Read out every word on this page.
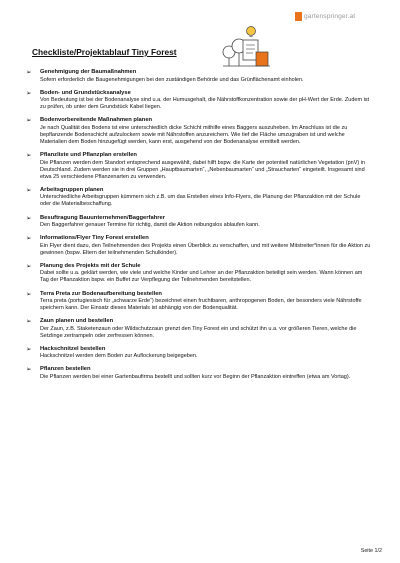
gartenspringer.at
Checkliste/Projektablauf Tiny Forest
➢ Genehmigung der Baumaßnahmen
Sofern erforderlich die Baugenehmigungen bei den zuständigen Behörde und das Grünflächenamt einholen.
➢ Boden- und Grundstücksanalyse
Von Bedeutung ist bei der Bodenanalyse sind u.a. der Humusgehalt, die Nährstoffkonzentration sowie der pH-Wert der Erde. Zudem ist zu prüfen, ob unter dem Grundstück Kabel liegen.
➢ Bodenvorbereitende Maßnahmen planen
Je nach Qualität des Bodens ist eine unterschiedlich dicke Schicht mithilfe eines Baggers auszuheben. Im Anschluss ist die zu bepflanzende Bodenschicht aufzulockern sowie mit Nährstoffen anzureichern. Wie tief die Fläche umzugraben ist und welche Materialien dem Boden hinzugefügt werden, kann erst, ausgehend von der Bodenanalyse ermittelt werden.
➢ Pflanzliste und Pflanzplan erstellen
Die Pflanzen werden dem Standort entsprechend ausgewählt, dabei hilft bspw. die Karte der potentiell natürlichen Vegetation (pnV) in Deutschland. Zudem werden sie in drei Gruppen „Hauptbaumarten“, „Nebenbaumarten“ und „Straucharten“ eingeteilt. Insgesamt sind etwa 25 verschiedene Pflanzenarten zu verwenden.
➢ Arbeitsgruppen planen
Unterschiedliche Arbeitsgruppen kümmern sich z.B. um das Erstellen eines Info-Flyers, die Planung der Pflanzaktion mit der Schule oder die Materialbeschaffung.
➢ Besuftragung Bauunternehmen/Baggerfahrer
Den Baggerfahrer genauer Termine für richtig, damit die Aktion reibungslos ablaufen kann.
➢ Informations/Flyer Tiny Forest erstellen
Ein Flyer dient dazu, den Teilnehmenden des Projekts einen Überblick zu verschaffen, und mit weitere Mitstreiter*innen für die Aktion zu gewinnen (bspw. Eltern der teilnehmenden Schulkinder).
➢ Planung des Projekts mit der Schule
Dabei sollte u.a. geklärt werden, wie viele und welche Kinder und Lehrer an der Pflanzaktion beteiligt sein werden. Wann können am Tag der Pflanzaktion bspw. ein Buffet zur Verpflegung der Teilnehmenden bereitstellen.
➢ Terra Preta zur Bodenaufbereitung bestellen
Terra preta (portugiesisch für „schwarze Erde“) bezeichnet einen fruchtbaren, anthropogenen Boden, der besonders viele Nährstoffe speichern kann. Der Einsatz dieses Materials ist abhängig von der Bodenqualität.
➢ Zaun planen und bestellen
Der Zaun, z.B. Staketenzaun oder Wildschutzzaun grenzt den Tiny Forest ein und schützt ihn u.a. vor größeren Tieren, welche die Setzlinge zertrampeln oder zerfressen können.
➢ Hackschnitzel bestellen
Hackschnitzel werden dem Boden zur Auflockerung beigegeben.
➢ Pflanzen bestellen
Die Pflanzen werden bei einer Gartenbaufirma bestellt und sollten kurz vor Beginn der Pflanzaktion eintreffen (etwa am Vortag).
Seite 1/2
